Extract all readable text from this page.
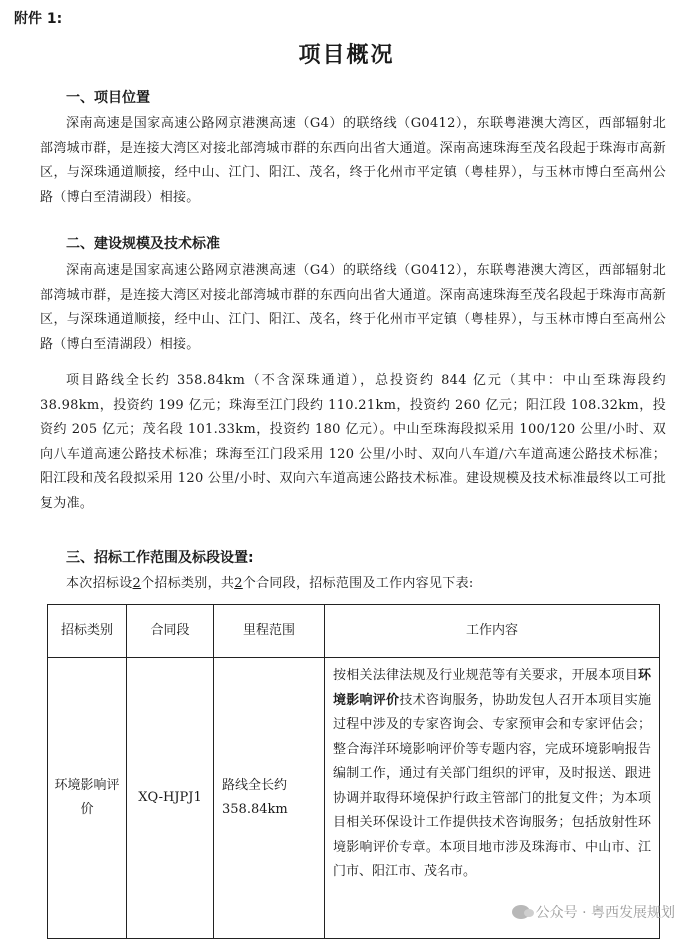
附件 1:
项目概况
一、项目位置

深南高速是国家高速公路网京港澳高速（G4）的联络线（G0412），东联粤港澳大湾区，西部辐射北部湾城市群，是连接大湾区对接北部湾城市群的东西向出省大通道。深南高速珠海至茂名段起于珠海市高新区，与深珠通道顺接，经中山、江门、阳江、茂名，终于化州市平定镇（粤桂界），与玉林市博白至高州公路（博白至清湖段）相接。

二、建设规模及技术标准

深南高速是国家高速公路网京港澳高速（G4）的联络线（G0412），东联粤港澳大湾区，西部辐射北部湾城市群，是连接大湾区对接北部湾城市群的东西向出省大通道。深南高速珠海至茂名段起于珠海市高新区，与深珠通道顺接，经中山、江门、阳江、茂名，终于化州市平定镇（粤桂界），与玉林市博白至高州公路（博白至清湖段）相接。

项目路线全长约 358.84km（不含深珠通道），总投资约 844 亿元（其中：中山至珠海段约 38.98km，投资约 199 亿元；珠海至江门段约 110.21km，投资约 260 亿元；阳江段 108.32km，投资约 205 亿元；茂名段 101.33km，投资约 180 亿元）。中山至珠海段拟采用 100/120 公里/小时、双向八车道高速公路技术标准；珠海至江门段采用 120 公里/小时、双向八车道/六车道高速公路技术标准；阳江段和茂名段拟采用 120 公里/小时、双向六车道高速公路技术标准。建设规模及技术标准最终以工可批复为准。

三、招标工作范围及标段设置:

本次招标设2个招标类别，共2个合同段，招标范围及工作内容见下表:

招标类别	合同段	里程范围	工作内容
环境影响评价	XQ-HJPJ1	路线全长约358.84km	按相关法律法规及行业规范等有关要求，开展本项目环境影响评价技术咨询服务，协助发包人召开本项目实施过程中涉及的专家咨询会、专家预审会和专家评估会；整合海洋环境影响评价等专题内容，完成环境影响报告编制工作，通过有关部门组织的评审，及时报送、跟进协调并取得环境保护行政主管部门的批复文件；为本项目相关环保设计工作提供技术咨询服务；包括放射性环境影响评价专章。本项目地市涉及珠海市、中山市、江门市、阳江市、茂名市。
公众号 · 粤西发展规划
